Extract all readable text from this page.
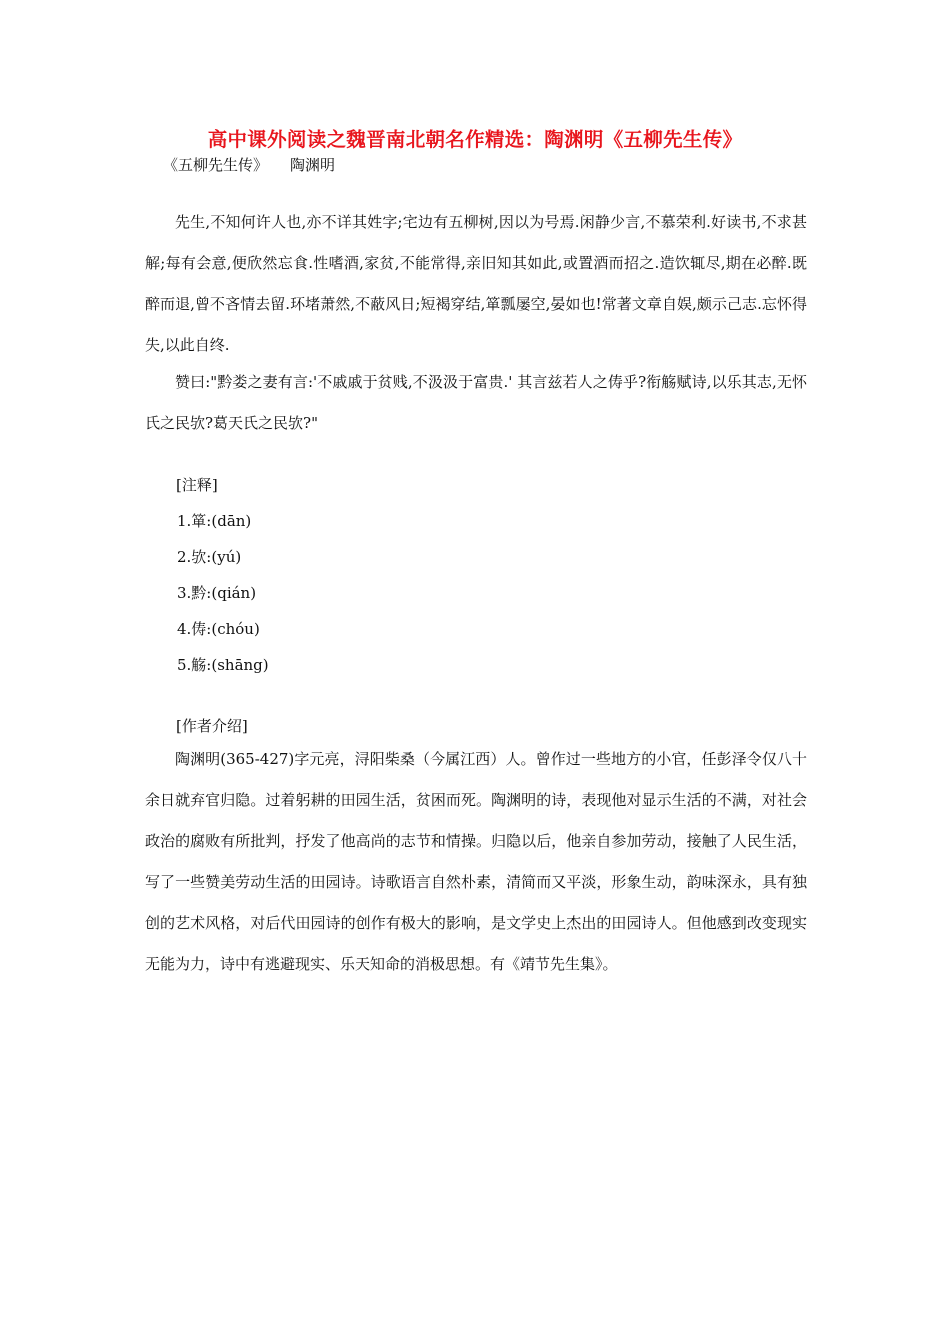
高中课外阅读之魏晋南北朝名作精选：陶渊明《五柳先生传》
《五柳先生传》 陶渊明

先生,不知何许人也,亦不详其姓字;宅边有五柳树,因以为号焉.闲静少言,不慕荣利.好读书,不求甚解;每有会意,便欣然忘食.性嗜酒,家贫,不能常得,亲旧知其如此,或置酒而招之.造饮辄尽,期在必醉.既醉而退,曾不吝情去留.环堵萧然,不蔽风日;短褐穿结,箪瓢屡空,晏如也!常著文章自娱,颇示己志.忘怀得失,以此自终.

赞曰:"黔娄之妻有言:'不戚戚于贫贱,不汲汲于富贵.' 其言兹若人之俦乎?衔觞赋诗,以乐其志,无怀氏之民欤?葛天氏之民欤?"

[注释]
1.箪:(dān)
2.欤:(yú)
3.黔:(qián)
4.俦:(chóu)
5.觞:(shāng)
[作者介绍]

陶渊明(365-427)字元亮，浔阳柴桑（今属江西）人。曾作过一些地方的小官，任彭泽令仅八十余日就弃官归隐。过着躬耕的田园生活，贫困而死。陶渊明的诗，表现他对显示生活的不满，对社会政治的腐败有所批判，抒发了他高尚的志节和情操。归隐以后，他亲自参加劳动，接触了人民生活，写了一些赞美劳动生活的田园诗。诗歌语言自然朴素，清简而又平淡，形象生动，韵味深永，具有独创的艺术风格，对后代田园诗的创作有极大的影响，是文学史上杰出的田园诗人。但他感到改变现实无能为力，诗中有逃避现实、乐天知命的消极思想。有《靖节先生集》。
